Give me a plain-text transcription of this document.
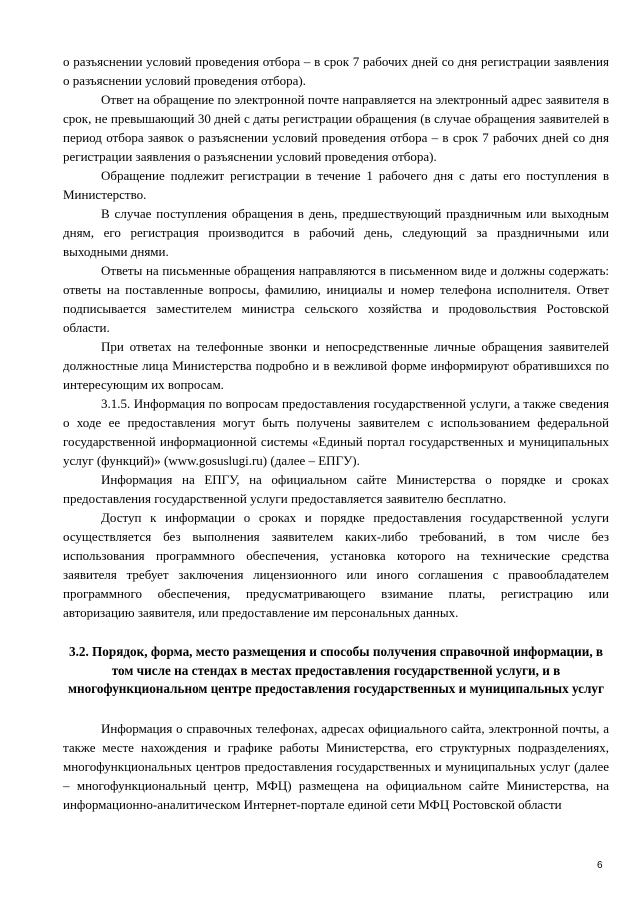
о разъяснении условий проведения отбора – в срок 7 рабочих дней со дня регистрации заявления о разъяснении условий проведения отбора).

Ответ на обращение по электронной почте направляется на электронный адрес заявителя в срок, не превышающий 30 дней с даты регистрации обращения (в случае обращения заявителей в период отбора заявок о разъяснении условий проведения отбора – в срок 7 рабочих дней со дня регистрации заявления о разъяснении условий проведения отбора).

Обращение подлежит регистрации в течение 1 рабочего дня с даты его поступления в Министерство.

В случае поступления обращения в день, предшествующий праздничным или выходным дням, его регистрация производится в рабочий день, следующий за праздничными или выходными днями.

Ответы на письменные обращения направляются в письменном виде и должны содержать: ответы на поставленные вопросы, фамилию, инициалы и номер телефона исполнителя. Ответ подписывается заместителем министра сельского хозяйства и продовольствия Ростовской области.

При ответах на телефонные звонки и непосредственные личные обращения заявителей должностные лица Министерства подробно и в вежливой форме информируют обратившихся по интересующим их вопросам.

3.1.5. Информация по вопросам предоставления государственной услуги, а также сведения о ходе ее предоставления могут быть получены заявителем с использованием федеральной государственной информационной системы «Единый портал государственных и муниципальных услуг (функций)» (www.gosuslugi.ru) (далее – ЕПГУ).

Информация на ЕПГУ, на официальном сайте Министерства о порядке и сроках предоставления государственной услуги предоставляется заявителю бесплатно.

Доступ к информации о сроках и порядке предоставления государственной услуги осуществляется без выполнения заявителем каких-либо требований, в том числе без использования программного обеспечения, установка которого на технические средства заявителя требует заключения лицензионного или иного соглашения с правообладателем программного обеспечения, предусматривающего взимание платы, регистрацию или авторизацию заявителя, или предоставление им персональных данных.

3.2. Порядок, форма, место размещения и способы получения справочной информации, в том числе на стендах в местах предоставления государственной услуги, и в многофункциональном центре предоставления государственных и муниципальных услуг

Информация о справочных телефонах, адресах официального сайта, электронной почты, а также месте нахождения и графике работы Министерства, его структурных подразделениях, многофункциональных центров предоставления государственных и муниципальных услуг (далее – многофункциональный центр, МФЦ) размещена на официальном сайте Министерства, на информационно-аналитическом Интернет-портале единой сети МФЦ Ростовской области

6
